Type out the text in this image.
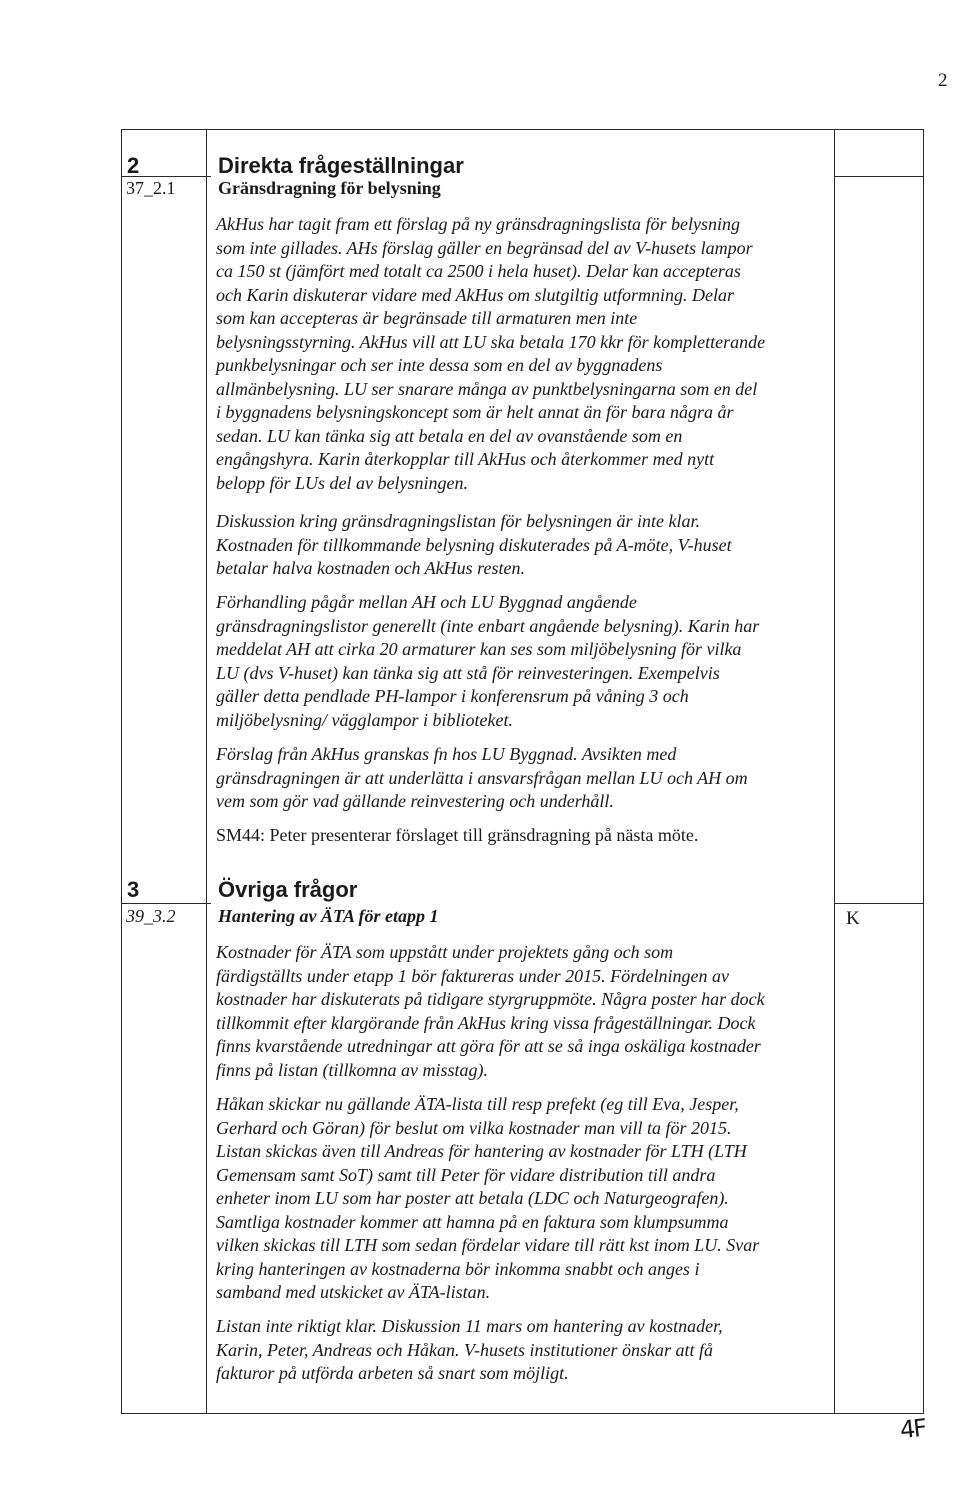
2
2	Direkta frågeställningar
37_2.1 Gränsdragning för belysning
AkHus har tagit fram ett förslag på ny gränsdragningslista för belysning
som inte gillades. AHs förslag gäller en begränsad del av V-husets lampor
ca 150 st (jämfört med totalt ca 2500 i hela huset). Delar kan accepteras
och Karin diskuterar vidare med AkHus om slutgiltig utformning. Delar
som kan accepteras är begränsade till armaturen men inte
belysningsstyrning. AkHus vill att LU ska betala 170 kkr för kompletterande
punkbelysningar och ser inte dessa som en del av byggnadens
allmänbelysning. LU ser snarare många av punktbelysningarna som en del
i byggnadens belysningskoncept som är helt annat än för bara några år
sedan. LU kan tänka sig att betala en del av ovanstående som en
engångshyra. Karin återkopplar till AkHus och återkommer med nytt
belopp för LUs del av belysningen.
Diskussion kring gränsdragningslistan för belysningen är inte klar.
Kostnaden för tillkommande belysning diskuterades på A-möte, V-huset
betalar halva kostnaden och AkHus resten.
Förhandling pågår mellan AH och LU Byggnad angående
gränsdragningslistor generellt (inte enbart angående belysning). Karin har
meddelat AH att cirka 20 armaturer kan ses som miljöbelysning för vilka
LU (dvs V-huset) kan tänka sig att stå för reinvesteringen. Exempelvis
gäller detta pendlade PH-lampor i konferensrum på våning 3 och
miljöbelysning/ vägglampor i biblioteket.
Förslag från AkHus granskas fn hos LU Byggnad. Avsikten med
gränsdragningen är att underlätta i ansvarsfrågan mellan LU och AH om
vem som gör vad gällande reinvestering och underhåll.
SM44: Peter presenterar förslaget till gränsdragning på nästa möte.
3	Övriga frågor
39_3.2 Hantering av ÄTA för etapp 1	K
Kostnader för ÄTA som uppstått under projektets gång och som
färdigställts under etapp 1 bör faktureras under 2015. Fördelningen av
kostnader har diskuterats på tidigare styrgruppmöte. Några poster har dock
tillkommit efter klargörande från AkHus kring vissa frågeställningar. Dock
finns kvarstående utredningar att göra för att se så inga oskäliga kostnader
finns på listan (tillkomna av misstag).
Håkan skickar nu gällande ÄTA-lista till resp prefekt (eg till Eva, Jesper,
Gerhard och Göran) för beslut om vilka kostnader man vill ta för 2015.
Listan skickas även till Andreas för hantering av kostnader för LTH (LTH
Gemensam samt SoT) samt till Peter för vidare distribution till andra
enheter inom LU som har poster att betala (LDC och Naturgeografen).
Samtliga kostnader kommer att hamna på en faktura som klumpsumma
vilken skickas till LTH som sedan fördelar vidare till rätt kst inom LU. Svar
kring hanteringen av kostnaderna bör inkomma snabbt och anges i
samband med utskicket av ÄTA-listan.
Listan inte riktigt klar. Diskussion 11 mars om hantering av kostnader,
Karin, Peter, Andreas och Håkan. V-husets institutioner önskar att få
fakturor på utförda arbeten så snart som möjligt.
4F
